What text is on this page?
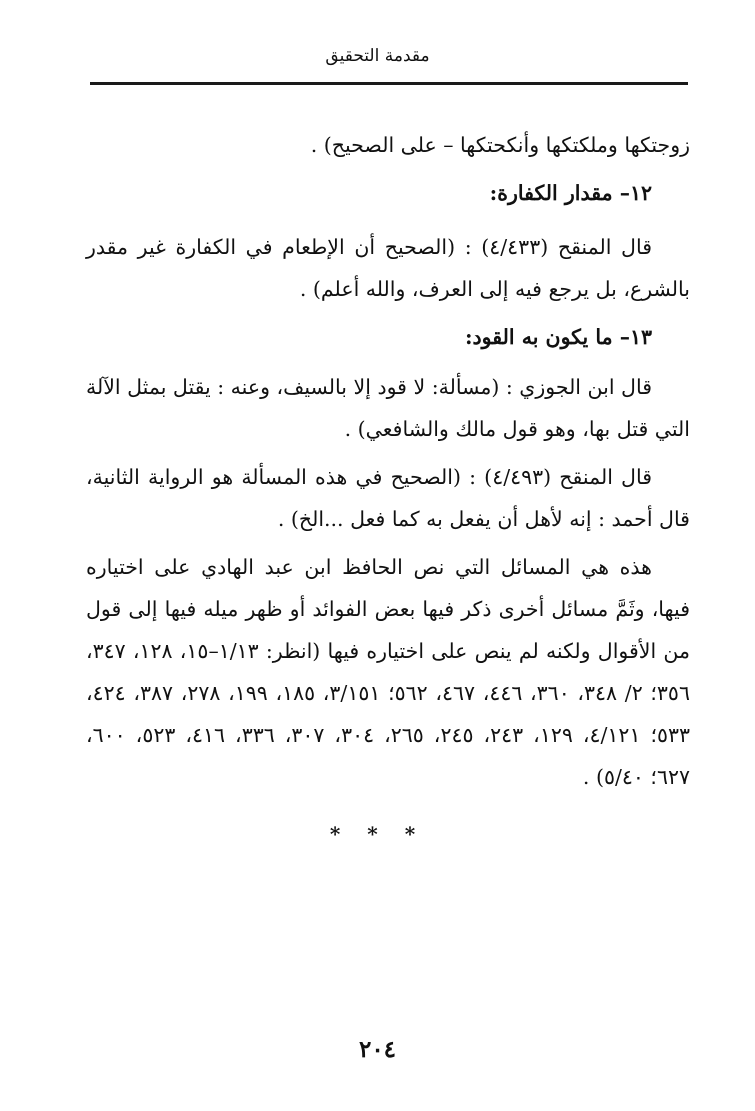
مقدمة التحقيق
زوجتكها وملكتكها وأنكحتكها – على الصحيح) .
١٢– مقدار الكفارة:
قال المنقح (٤/٤٣٣) : (الصحيح أن الإطعام في الكفارة غير مقدر بالشرع، بل يرجع فيه إلى العرف، والله أعلم) .
١٣– ما يكون به القود:
قال ابن الجوزي : (مسألة: لا قود إلا بالسيف، وعنه : يقتل بمثل الآلة التي قتل بها، وهو قول مالك والشافعي) .
قال المنقح (٤/٤٩٣) : (الصحيح في هذه المسألة هو الرواية الثانية، قال أحمد : إنه لأهل أن يفعل به كما فعل ...الخ) .
هذه هي المسائل التي نص الحافظ ابن عبد الهادي على اختياره فيها، وثَمَّ مسائل أخرى ذكر فيها بعض الفوائد أو ظهر ميله فيها إلى قول من الأقوال ولكنه لم ينص على اختياره فيها (انظر: ١/١٣–١٥، ١٢٨، ٣٤٧، ٣٥٦؛ ٢/ ٣٤٨، ٣٦٠، ٤٤٦، ٤٦٧، ٥٦٢؛ ٣/١٥١، ١٨٥، ١٩٩، ٢٧٨، ٣٨٧، ٤٢٤، ٥٣٣؛ ٤/١٢١، ١٢٩، ٢٤٣، ٢٤٥، ٢٦٥، ٣٠٤، ٣٠٧، ٣٣٦، ٤١٦، ٥٢٣، ٦٠٠، ٦٢٧؛ ٥/٤٠) .
* * *
٢٠٤
